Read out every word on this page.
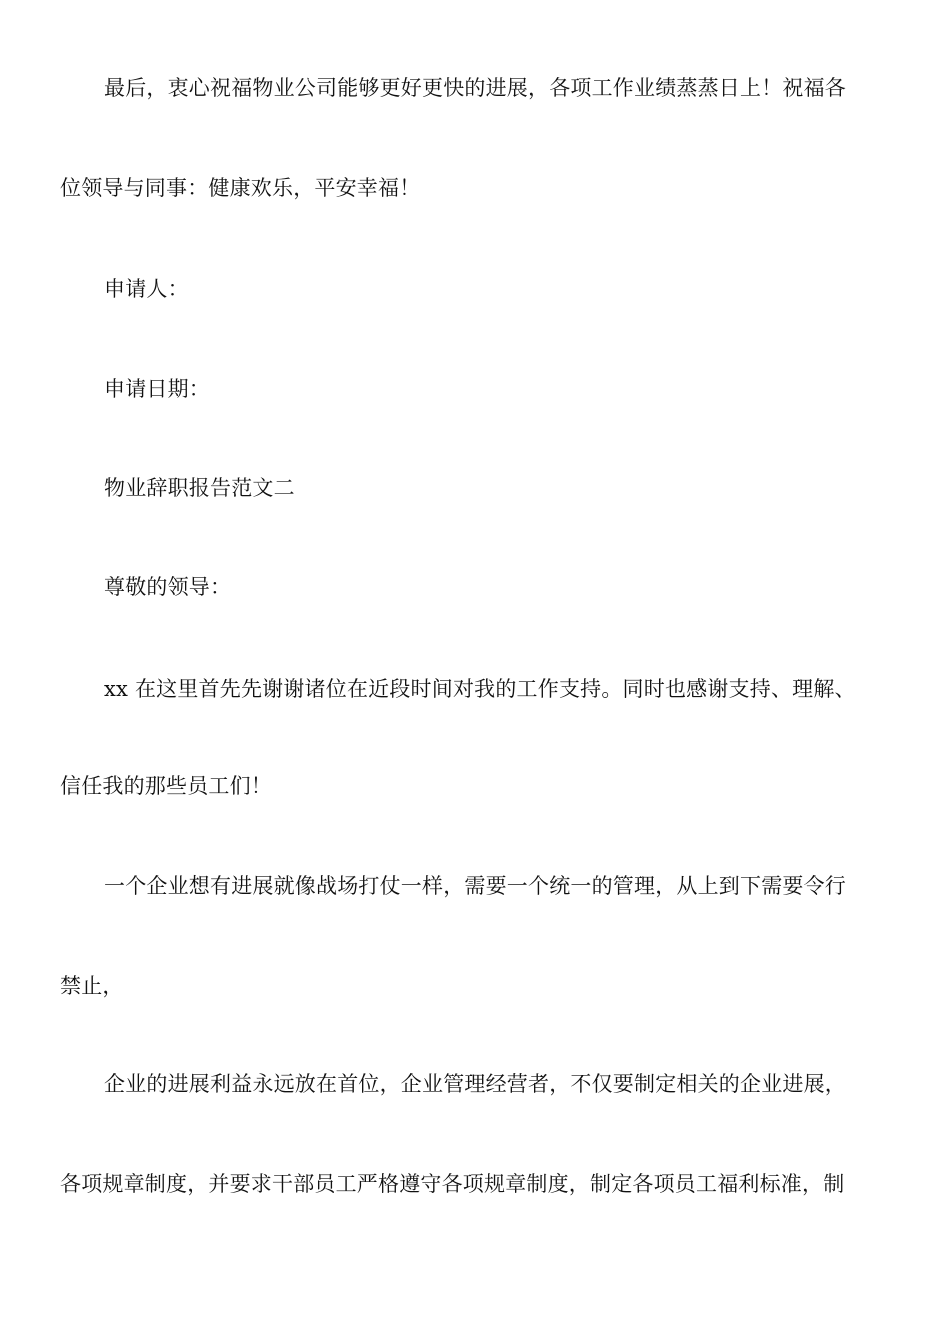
最后，衷心祝福物业公司能够更好更快的进展，各项工作业绩蒸蒸日上！祝福各
位领导与同事：健康欢乐，平安幸福！
申请人：
申请日期：
物业辞职报告范文二
尊敬的领导：
xx 在这里首先先谢谢诸位在近段时间对我的工作支持。同时也感谢支持、理解、
信任我的那些员工们！
一个企业想有进展就像战场打仗一样，需要一个统一的管理，从上到下需要令行
禁止，
企业的进展利益永远放在首位，企业管理经营者，不仅要制定相关的企业进展，
各项规章制度，并要求干部员工严格遵守各项规章制度，制定各项员工福利标准，制
